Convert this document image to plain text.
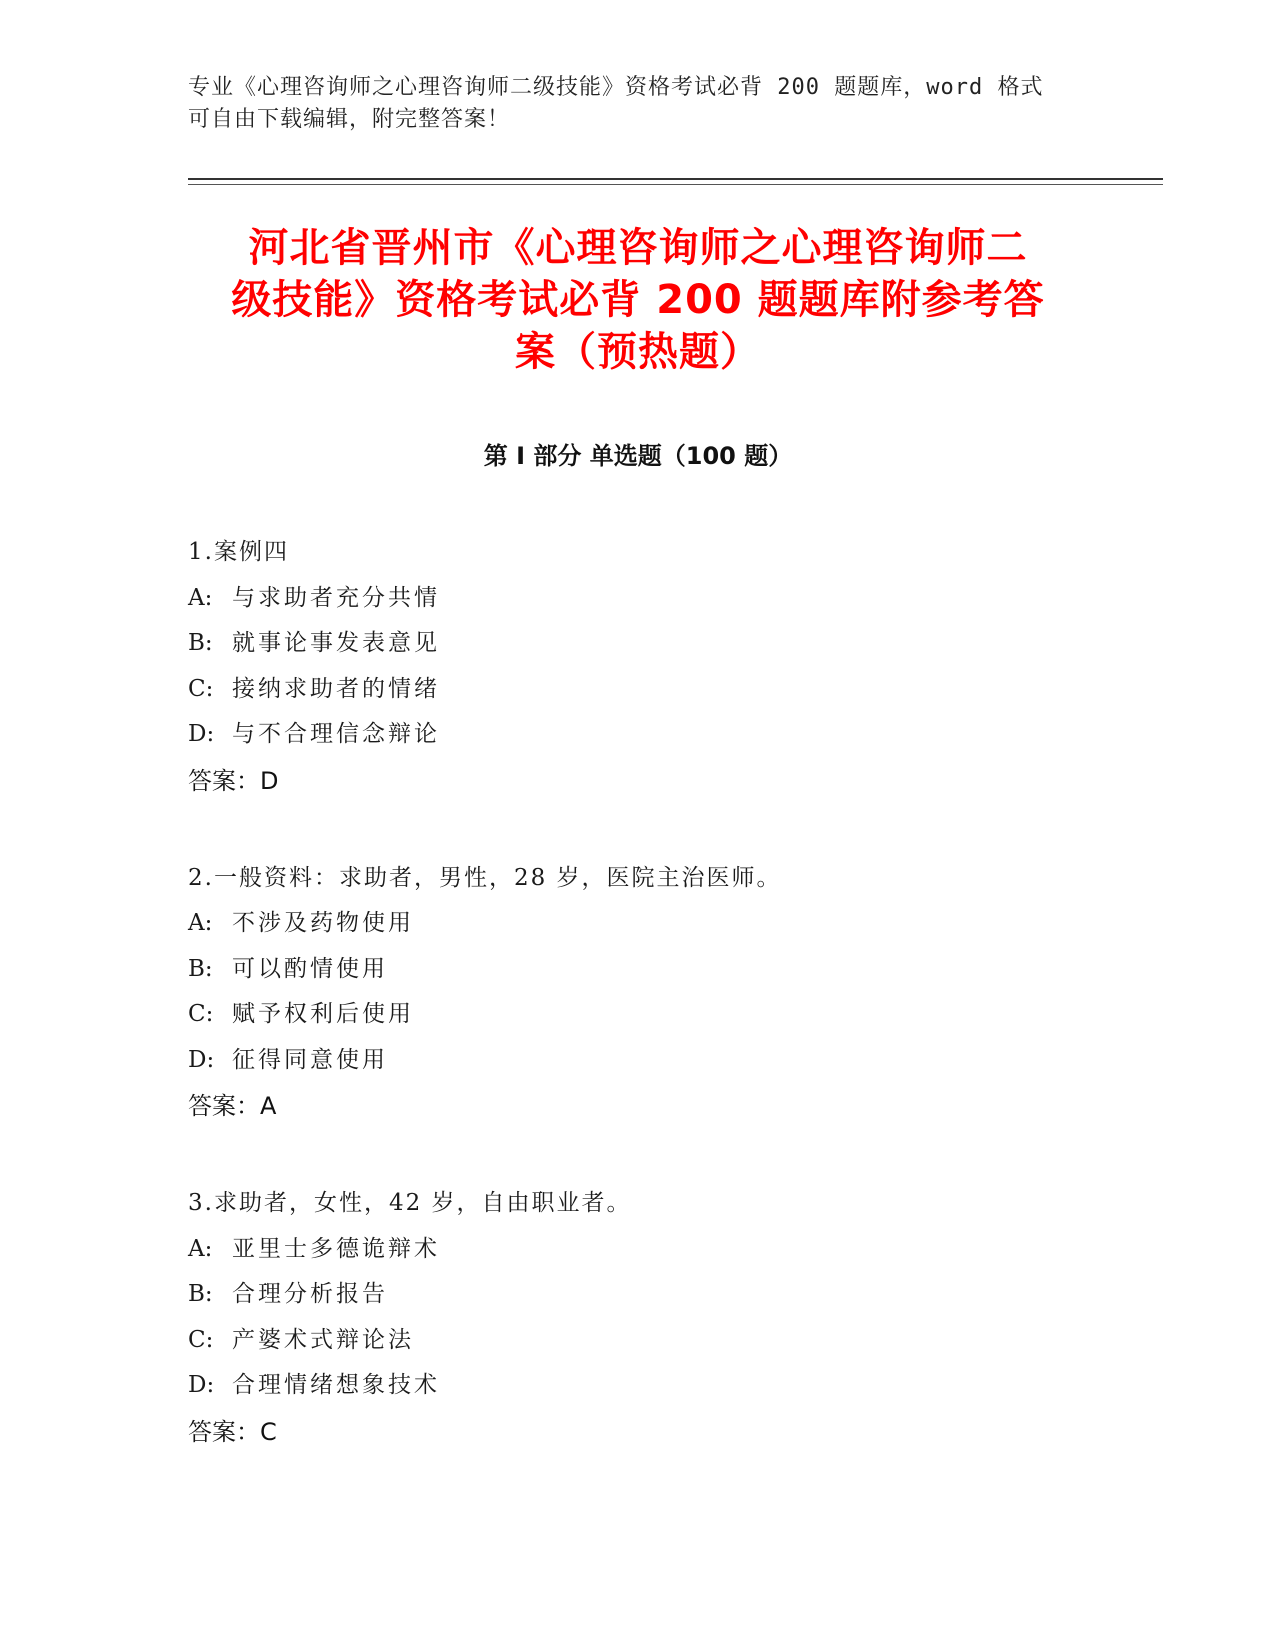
专业《心理咨询师之心理咨询师二级技能》资格考试必背 200 题题库，word 格式
可自由下载编辑，附完整答案！
河北省晋州市《心理咨询师之心理咨询师二
级技能》资格考试必背 200 题题库附参考答
案（预热题）
第 I 部分 单选题（100 题）
1.案例四
A: 与求助者充分共情
B: 就事论事发表意见
C: 接纳求助者的情绪
D: 与不合理信念辩论
答案：D
2.一般资料：求助者，男性，28 岁，医院主治医师。
A: 不涉及药物使用
B: 可以酌情使用
C: 赋予权利后使用
D: 征得同意使用
答案：A
3.求助者，女性，42 岁，自由职业者。
A: 亚里士多德诡辩术
B: 合理分析报告
C: 产婆术式辩论法
D: 合理情绪想象技术
答案：C
